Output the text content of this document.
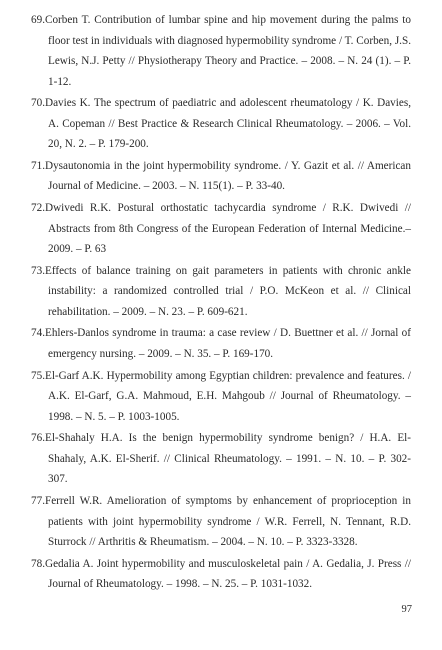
69.Corben T. Contribution of lumbar spine and hip movement during the palms to floor test in individuals with diagnosed hypermobility syndrome / T. Corben, J.S. Lewis, N.J. Petty // Physiotherapy Theory and Practice. – 2008. – N. 24 (1). – P. 1-12.
70.Davies K. The spectrum of paediatric and adolescent rheumatology / K. Davies, A. Copeman // Best Practice & Research Clinical Rheumatology. – 2006. – Vol. 20, N. 2. – P. 179-200.
71.Dysautonomia in the joint hypermobility syndrome. / Y. Gazit et al. // American Journal of Medicine. – 2003. – N. 115(1). – P. 33-40.
72.Dwivedi R.K. Postural orthostatic tachycardia syndrome / R.K. Dwivedi // Abstracts from 8th Congress of the European Federation of Internal Medicine.– 2009. – P. 63
73.Effects of balance training on gait parameters in patients with chronic ankle instability: a randomized controlled trial / P.O. McKeon et al. // Clinical rehabilitation. – 2009. – N. 23. – P. 609-621.
74.Ehlers-Danlos syndrome in trauma: a case review / D. Buettner et al. // Jornal of emergency nursing. – 2009. – N. 35. – P. 169-170.
75.El-Garf A.K. Hypermobility among Egyptian children: prevalence and features. / A.K. El-Garf, G.A. Mahmoud, E.H. Mahgoub // Journal of Rheumatology. – 1998. – N. 5. – P. 1003-1005.
76.El-Shahaly H.A. Is the benign hypermobility syndrome benign? / H.A. El-Shahaly, A.K. El-Sherif. // Clinical Rheumatology. – 1991. – N. 10. – P. 302-307.
77.Ferrell W.R. Amelioration of symptoms by enhancement of proprioception in patients with joint hypermobility syndrome / W.R. Ferrell, N. Tennant, R.D. Sturrock // Arthritis & Rheumatism. – 2004. – N. 10. – P. 3323-3328.
78.Gedalia A. Joint hypermobility and musculoskeletal pain / A. Gedalia, J. Press // Journal of Rheumatology. – 1998. – N. 25. – P. 1031-1032.
97
